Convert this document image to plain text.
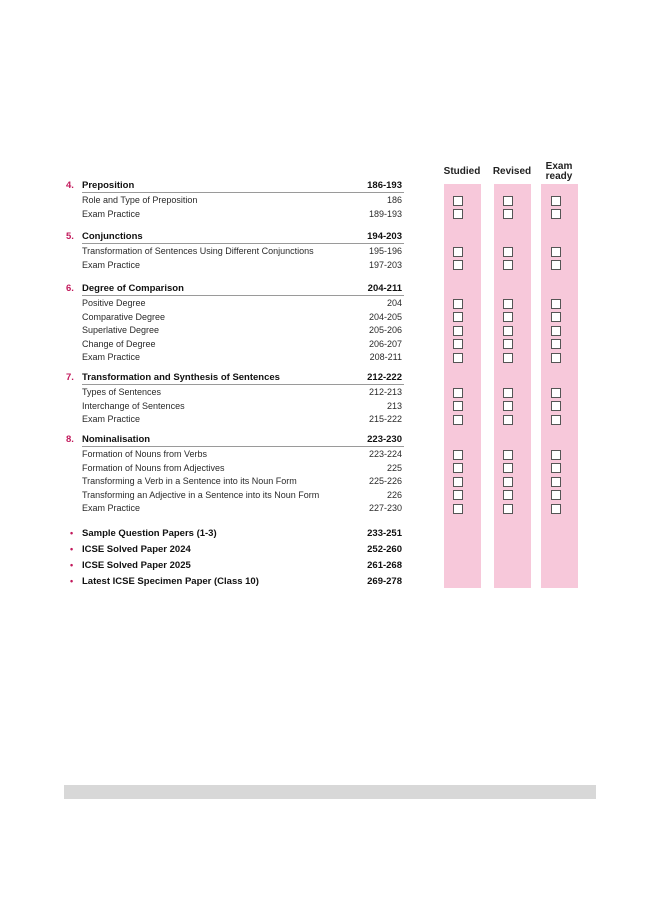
Studied	Revised	Exam
ready
4. Preposition	186-193
Role and Type of Preposition	186
Exam Practice	189-193
5. Conjunctions	194-203
Transformation of Sentences Using Different Conjunctions	195-196
Exam Practice	197-203
6. Degree of Comparison	204-211
Positive Degree	204
Comparative Degree	204-205
Superlative Degree	205-206
Change of Degree	206-207
Exam Practice	208-211
7. Transformation and Synthesis of Sentences	212-222
Types of Sentences	212-213
Interchange of Sentences	213
Exam Practice	215-222
8. Nominalisation	223-230
Formation of Nouns from Verbs	223-224
Formation of Nouns from Adjectives	225
Transforming a Verb in a Sentence into its Noun Form	225-226
Transforming an Adjective in a Sentence into its Noun Form	226
Exam Practice	227-230
• Sample Question Papers (1-3)	233-251
• ICSE Solved Paper 2024	252-260
• ICSE Solved Paper 2025	261-268
• Latest ICSE Specimen Paper (Class 10)	269-278
